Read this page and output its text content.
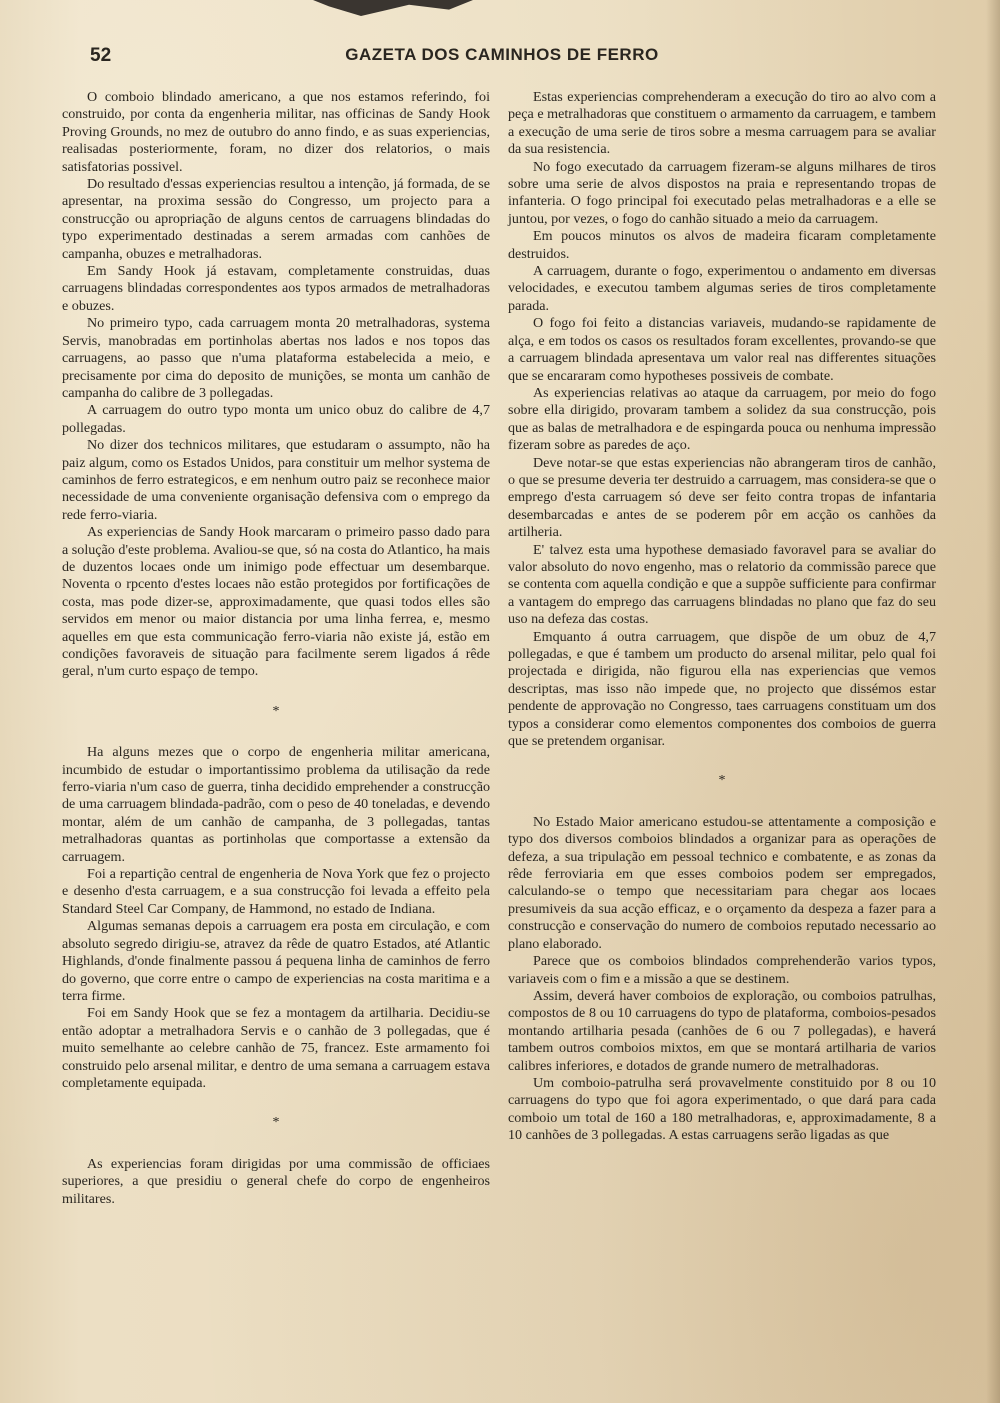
52	GAZETA DOS CAMINHOS DE FERRO

O comboio blindado americano, a que nos estamos referindo, foi construido, por conta da engenheria militar, nas officinas de Sandy Hook Proving Grounds, no mez de outubro do anno findo, e as suas experiencias, realisadas posteriormente, foram, no dizer dos relatorios, o mais satisfatorias possivel.

Do resultado d'essas experiencias resultou a intenção, já formada, de se apresentar, na proxima sessão do Congresso, um projecto para a construcção ou apropriação de alguns centos de carruagens blindadas do typo experimentado destinadas a serem armadas com canhões de campanha, obuzes e metralhadoras.

Em Sandy Hook já estavam, completamente construidas, duas carruagens blindadas correspondentes aos typos armados de metralhadoras e obuzes.

No primeiro typo, cada carruagem monta 20 metralhadoras, systema Servis, manobradas em portinholas abertas nos lados e nos topos das carruagens, ao passo que n'uma plataforma estabelecida a meio, e precisamente por cima do deposito de munições, se monta um canhão de campanha do calibre de 3 pollegadas.

A carruagem do outro typo monta um unico obuz do calibre de 4,7 pollegadas.

No dizer dos technicos militares, que estudaram o assumpto, não ha paiz algum, como os Estados Unidos, para constituir um melhor systema de caminhos de ferro estrategicos, e em nenhum outro paiz se reconhece maior necessidade de uma conveniente organisação defensiva com o emprego da rede ferro-viaria.

As experiencias de Sandy Hook marcaram o primeiro passo dado para a solução d'este problema. Avaliou-se que, só na costa do Atlantico, ha mais de duzentos locaes onde um inimigo pode effectuar um desembarque. Noventa o rpcento d'estes locaes não estão protegidos por fortificações de costa, mas pode dizer-se, approximadamente, que quasi todos elles são servidos em menor ou maior distancia por uma linha ferrea, e, mesmo aquelles em que esta communicação ferro-viaria não existe já, estão em condições favoraveis de situação para facilmente serem ligados á rêde geral, n'um curto espaço de tempo.

*

Ha alguns mezes que o corpo de engenheria militar americana, incumbido de estudar o importantissimo problema da utilisação da rede ferro-viaria n'um caso de guerra, tinha decidido emprehender a construcção de uma carruagem blindada-padrão, com o peso de 40 toneladas, e devendo montar, além de um canhão de campanha, de 3 pollegadas, tantas metralhadoras quantas as portinholas que comportasse a extensão da carruagem.

Foi a repartição central de engenheria de Nova York que fez o projecto e desenho d'esta carruagem, e a sua construcção foi levada a effeito pela Standard Steel Car Company, de Hammond, no estado de Indiana.

Algumas semanas depois a carruagem era posta em circulação, e com absoluto segredo dirigiu-se, atravez da rêde de quatro Estados, até Atlantic Highlands, d'onde finalmente passou á pequena linha de caminhos de ferro do governo, que corre entre o campo de experiencias na costa maritima e a terra firme.

Foi em Sandy Hook que se fez a montagem da artilharia. Decidiu-se então adoptar a metralhadora Servis e o canhão de 3 pollegadas, que é muito semelhante ao celebre canhão de 75, francez. Este armamento foi construido pelo arsenal militar, e dentro de uma semana a carruagem estava completamente equipada.

*

As experiencias foram dirigidas por uma commissão de officiaes superiores, a que presidiu o general chefe do corpo de engenheiros militares.

Estas experiencias comprehenderam a execução do tiro ao alvo com a peça e metralhadoras que constituem o armamento da carruagem, e tambem a execução de uma serie de tiros sobre a mesma carruagem para se avaliar da sua resistencia.

No fogo executado da carruagem fizeram-se alguns milhares de tiros sobre uma serie de alvos dispostos na praia e representando tropas de infanteria. O fogo principal foi executado pelas metralhadoras e a elle se juntou, por vezes, o fogo do canhão situado a meio da carruagem.

Em poucos minutos os alvos de madeira ficaram completamente destruidos.

A carruagem, durante o fogo, experimentou o andamento em diversas velocidades, e executou tambem algumas series de tiros completamente parada.

O fogo foi feito a distancias variaveis, mudando-se rapidamente de alça, e em todos os casos os resultados foram excellentes, provando-se que a carruagem blindada apresentava um valor real nas differentes situações que se encararam como hypotheses possiveis de combate.

As experiencias relativas ao ataque da carruagem, por meio do fogo sobre ella dirigido, provaram tambem a solidez da sua construcção, pois que as balas de metralhadora e de espingarda pouca ou nenhuma impressão fizeram sobre as paredes de aço.

Deve notar-se que estas experiencias não abrangeram tiros de canhão, o que se presume deveria ter destruido a carruagem, mas considera-se que o emprego d'esta carruagem só deve ser feito contra tropas de infantaria desembarcadas e antes de se poderem pôr em acção os canhões da artilheria.

E' talvez esta uma hypothese demasiado favoravel para se avaliar do valor absoluto do novo engenho, mas o relatorio da commissão parece que se contenta com aquella condição e que a suppõe sufficiente para confirmar a vantagem do emprego das carruagens blindadas no plano que faz do seu uso na defeza das costas.

Emquanto á outra carruagem, que dispõe de um obuz de 4,7 pollegadas, e que é tambem um producto do arsenal militar, pelo qual foi projectada e dirigida, não figurou ella nas experiencias que vemos descriptas, mas isso não impede que, no projecto que dissémos estar pendente de approvação no Congresso, taes carruagens constituam um dos typos a considerar como elementos componentes dos comboios de guerra que se pretendem organisar.

*

No Estado Maior americano estudou-se attentamente a composição e typo dos diversos comboios blindados a organizar para as operações de defeza, a sua tripulação em pessoal technico e combatente, e as zonas da rêde ferroviaria em que esses comboios podem ser empregados, calculando-se o tempo que necessitariam para chegar aos locaes presumiveis da sua acção efficaz, e o orçamento da despeza a fazer para a construcção e conservação do numero de comboios reputado necessario ao plano elaborado.

Parece que os comboios blindados comprehenderão varios typos, variaveis com o fim e a missão a que se destinem.

Assim, deverá haver comboios de exploração, ou comboios patrulhas, compostos de 8 ou 10 carruagens do typo de plataforma, comboios-pesados montando artilharia pesada (canhões de 6 ou 7 pollegadas), e haverá tambem outros comboios mixtos, em que se montará artilharia de varios calibres inferiores, e dotados de grande numero de metralhadoras.

Um comboio-patrulha será provavelmente constituido por 8 ou 10 carruagens do typo que foi agora experimentado, o que dará para cada comboio um total de 160 a 180 metralhadoras, e, approximadamente, 8 a 10 canhões de 3 pollegadas. A estas carruagens serão ligadas as que
